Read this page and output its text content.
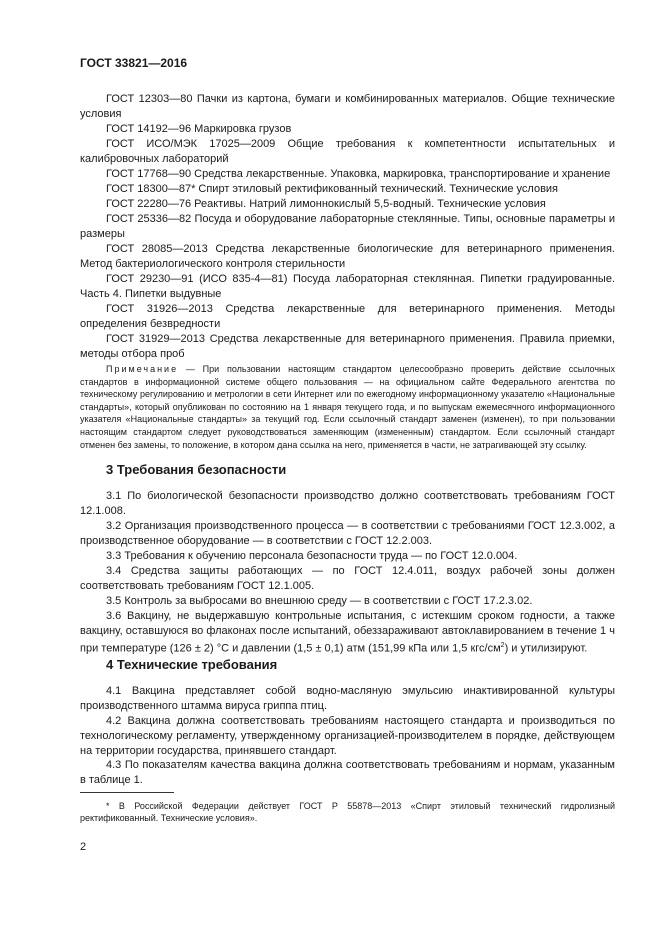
ГОСТ 33821—2016
ГОСТ 12303—80 Пачки из картона, бумаги и комбинированных материалов. Общие технические условия
ГОСТ 14192—96 Маркировка грузов
ГОСТ ИСО/МЭК 17025—2009 Общие требования к компетентности испытательных и калибровочных лабораторий
ГОСТ 17768—90 Средства лекарственные. Упаковка, маркировка, транспортирование и хранение
ГОСТ 18300—87* Спирт этиловый ректификованный технический. Технические условия
ГОСТ 22280—76 Реактивы. Натрий лимоннокислый 5,5-водный. Технические условия
ГОСТ 25336—82 Посуда и оборудование лабораторные стеклянные. Типы, основные параметры и размеры
ГОСТ 28085—2013 Средства лекарственные биологические для ветеринарного применения. Метод бактериологического контроля стерильности
ГОСТ 29230—91 (ИСО 835-4—81) Посуда лабораторная стеклянная. Пипетки градуированные. Часть 4. Пипетки выдувные
ГОСТ 31926—2013 Средства лекарственные для ветеринарного применения. Методы определения безвредности
ГОСТ 31929—2013 Средства лекарственные для ветеринарного применения. Правила приемки, методы отбора проб
Примечание — При пользовании настоящим стандартом целесообразно проверить действие ссылочных стандартов в информационной системе общего пользования — на официальном сайте Федерального агентства по техническому регулированию и метрологии в сети Интернет или по ежегодному информационному указателю «Национальные стандарты», который опубликован по состоянию на 1 января текущего года, и по выпускам ежемесячного информационного указателя «Национальные стандарты» за текущий год. Если ссылочный стандарт заменен (изменен), то при пользовании настоящим стандартом следует руководствоваться заменяющим (измененным) стандартом. Если ссылочный стандарт отменен без замены, то положение, в котором дана ссылка на него, применяется в части, не затрагивающей эту ссылку.
3 Требования безопасности
3.1 По биологической безопасности производство должно соответствовать требованиям ГОСТ 12.1.008.
3.2 Организация производственного процесса — в соответствии с требованиями ГОСТ 12.3.002, а производственное оборудование — в соответствии с ГОСТ 12.2.003.
3.3 Требования к обучению персонала безопасности труда — по ГОСТ 12.0.004.
3.4 Средства защиты работающих — по ГОСТ 12.4.011, воздух рабочей зоны должен соответствовать требованиям ГОСТ 12.1.005.
3.5 Контроль за выбросами во внешнюю среду — в соответствии с ГОСТ 17.2.3.02.
3.6 Вакцину, не выдержавшую контрольные испытания, с истекшим сроком годности, а также вакцину, оставшуюся во флаконах после испытаний, обеззараживают автоклавированием в течение 1 ч при температуре (126 ± 2) °С и давлении (1,5 ± 0,1) атм (151,99 кПа или 1,5 кгс/$см^2$) и утилизируют.
4 Технические требования
4.1 Вакцина представляет собой водно-масляную эмульсию инактивированной культуры производственного штамма вируса гриппа птиц.
4.2 Вакцина должна соответствовать требованиям настоящего стандарта и производиться по технологическому регламенту, утвержденному организацией-производителем в порядке, действующем на территории государства, принявшего стандарт.
4.3 По показателям качества вакцина должна соответствовать требованиям и нормам, указанным в таблице 1.
* В Российской Федерации действует ГОСТ Р 55878—2013 «Спирт этиловый технический гидролизный ректификованный. Технические условия».
2
